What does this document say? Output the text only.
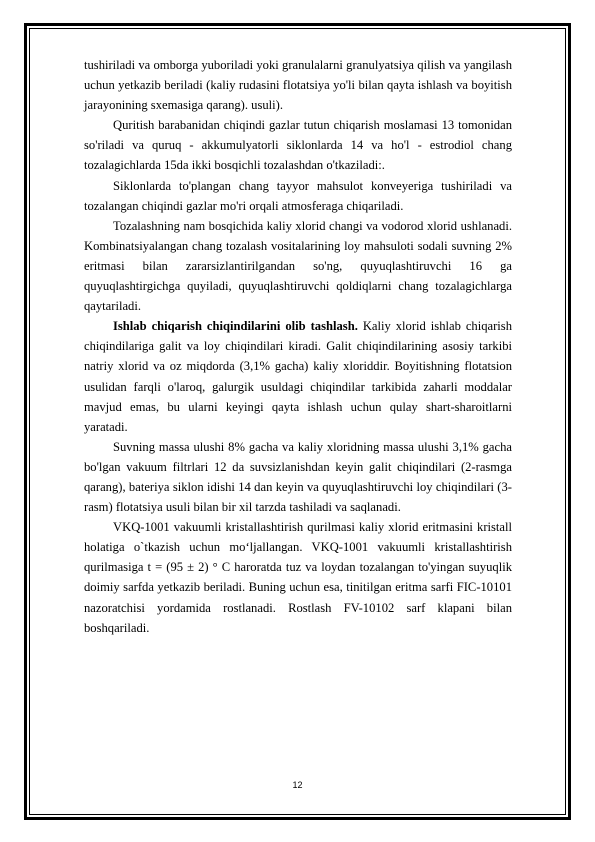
tushiriladi va omborga yuboriladi yoki granulalarni granulyatsiya qilish va yangilash uchun yetkazib beriladi (kaliy rudasini flotatsiya yo'li bilan qayta ishlash va boyitish jarayonining sxemasiga qarang). usuli).

Quritish barabanidan chiqindi gazlar tutun chiqarish moslamasi 13 tomonidan so'riladi va quruq - akkumulyatorli siklonlarda 14 va ho'l - estrodiol chang tozalagichlarda 15da ikki bosqichli tozalashdan o'tkaziladi:.

Siklonlarda to'plangan chang tayyor mahsulot konveyeriga tushiriladi va tozalangan chiqindi gazlar mo'ri orqali atmosferaga chiqariladi.

Tozalashning nam bosqichida kaliy xlorid changi va vodorod xlorid ushlanadi. Kombinatsiyalangan chang tozalash vositalarining loy mahsuloti sodali suvning 2% eritmasi bilan zararsizlantirilgandan so'ng, quyuqlashtiruvchi 16 ga quyuqlashtirgichga quyiladi, quyuqlashtiruvchi qoldiqlarni chang tozalagichlarga qaytariladi.

Ishlab chiqarish chiqindilarini olib tashlash. Kaliy xlorid ishlab chiqarish chiqindilariga galit va loy chiqindilari kiradi. Galit chiqindilarining asosiy tarkibi natriy xlorid va oz miqdorda (3,1% gacha) kaliy xloriddir. Boyitishning flotatsion usulidan farqli o'laroq, galurgik usuldagi chiqindilar tarkibida zaharli moddalar mavjud emas, bu ularni keyingi qayta ishlash uchun qulay shart-sharoitlarni yaratadi.

Suvning massa ulushi 8% gacha va kaliy xloridning massa ulushi 3,1% gacha bo'lgan vakuum filtrlari 12 da suvsizlanishdan keyin galit chiqindilari (2-rasmga qarang), bateriya siklon idishi 14 dan keyin va quyuqlashtiruvchi loy chiqindilari (3-rasm) flotatsiya usuli bilan bir xil tarzda tashiladi va saqlanadi.

VKQ-1001 vakuumli kristallashtirish qurilmasi kaliy xlorid eritmasini kristall holatiga o`tkazish uchun mo‘ljallangan. VKQ-1001 vakuumli kristallashtirish qurilmasiga t = (95 ± 2) ° C haroratda tuz va loydan tozalangan to'yingan suyuqlik doimiy sarfda yetkazib beriladi. Buning uchun esa, tinitilgan eritma sarfi FIC-10101 nazoratchisi yordamida rostlanadi. Rostlash FV-10102 sarf klapani bilan boshqariladi.

12
